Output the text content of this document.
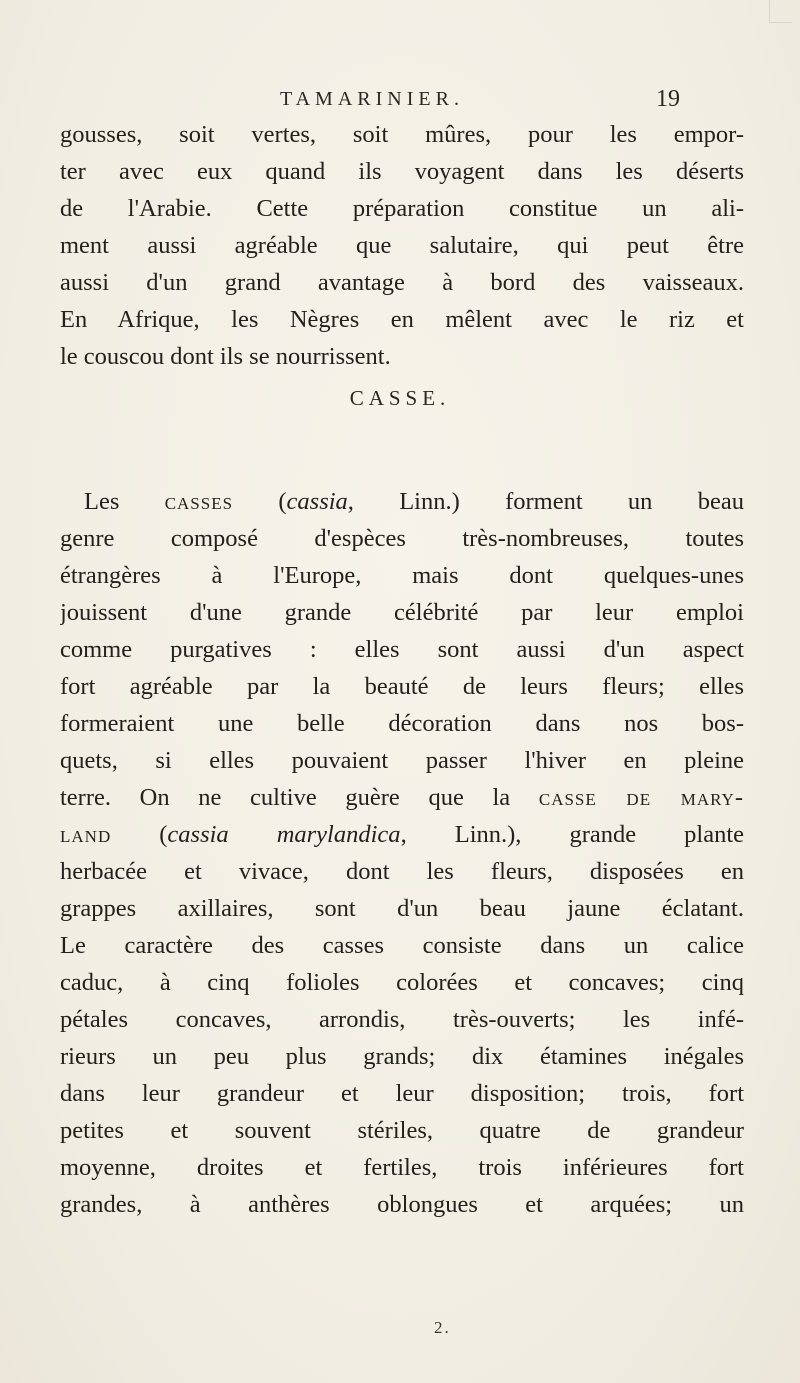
TAMARINIER.	19
gousses, soit vertes, soit mûres, pour les empor-
ter avec eux quand ils voyagent dans les déserts
de l'Arabie. Cette préparation constitue un ali-
ment aussi agréable que salutaire, qui peut être
aussi d'un grand avantage à bord des vaisseaux.
En Afrique, les Nègres en mêlent avec le riz et
le couscou dont ils se nourrissent.
CASSE.
Les casses (cassia, Linn.) forment un beau
genre composé d'espèces très-nombreuses, toutes
étrangères à l'Europe, mais dont quelques-unes
jouissent d'une grande célébrité par leur emploi
comme purgatives : elles sont aussi d'un aspect
fort agréable par la beauté de leurs fleurs; elles
formeraient une belle décoration dans nos bos-
quets, si elles pouvaient passer l'hiver en pleine
terre. On ne cultive guère que la casse de mary-
land (cassia marylandica, Linn.), grande plante
herbacée et vivace, dont les fleurs, disposées en
grappes axillaires, sont d'un beau jaune éclatant.
Le caractère des casses consiste dans un calice
caduc, à cinq folioles colorées et concaves; cinq
pétales concaves, arrondis, très-ouverts; les infé-
rieurs un peu plus grands; dix étamines inégales
dans leur grandeur et leur disposition; trois, fort
petites et souvent stériles, quatre de grandeur
moyenne, droites et fertiles, trois inférieures fort
grandes, à anthères oblongues et arquées; un
2.
